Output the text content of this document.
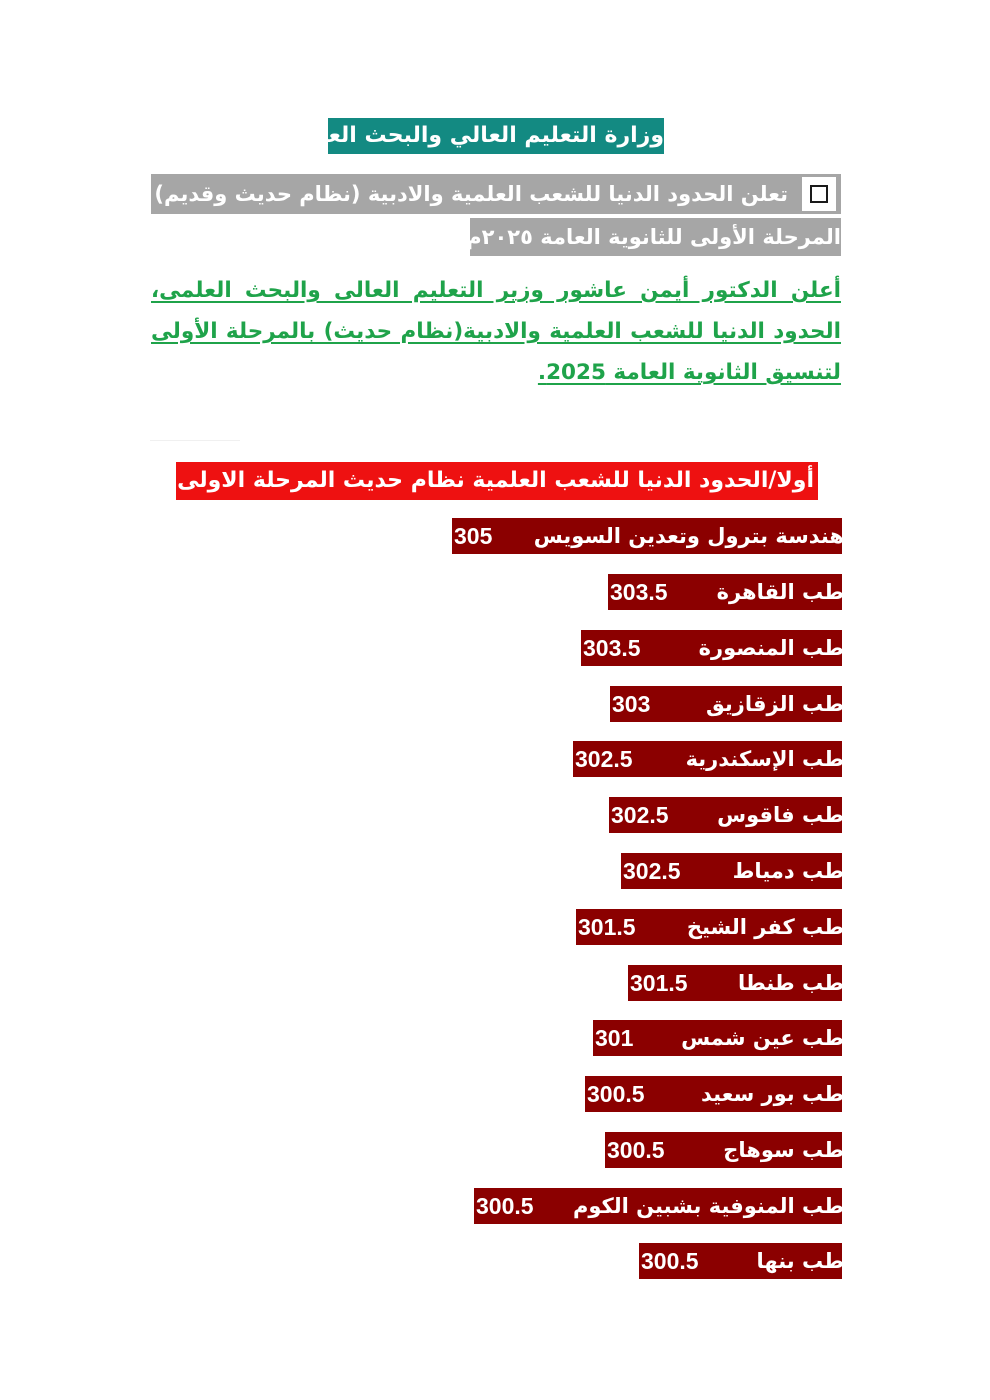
وزارة التعليم العالي والبحث العلمي
تعلن الحدود الدنيا للشعب العلمية والادبية (نظام حديث وقديم)
المرحلة الأولى للثانوية العامة ٢٠٢٥م
أعلن الدكتور أيمن عاشور وزير التعليم العالى والبحث العلمى، الحدود الدنيا للشعب العلمية والادبية(نظام حديث) بالمرحلة الأولى لتنسيق الثانوية العامة 2025.
أولا/الحدود الدنيا للشعب العلمية نظام حديث المرحلة الاولى:
هندسة بترول وتعدين السويس
305
طب القاهرة
303.5
طب المنصورة
303.5
طب الزقازيق
303
طب الإسكندرية
302.5
طب فاقوس
302.5
طب دمياط
302.5
طب كفر الشيخ
301.5
طب طنطا
301.5
طب عين شمس
301
طب بور سعيد
300.5
طب سوهاج
300.5
طب المنوفية بشبين الكوم
300.5
طب بنها
300.5
